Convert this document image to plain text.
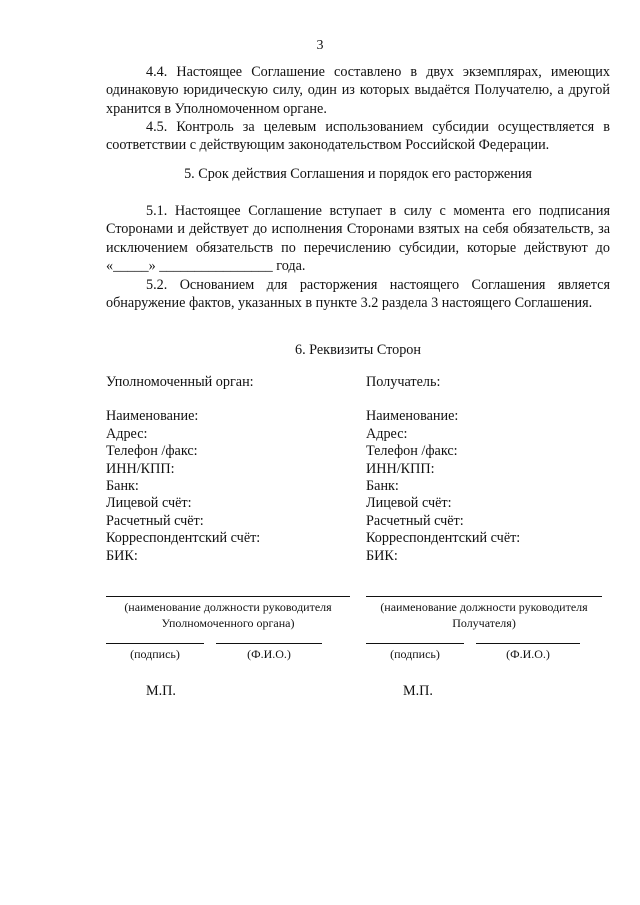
3

4.4. Настоящее Соглашение составлено в двух экземплярах, имеющих одинаковую юридическую силу, один из которых выдаётся Получателю, а другой хранится в Уполномоченном органе.

4.5. Контроль за целевым использованием субсидии осуществляется в соответствии с действующим законодательством Российской Федерации.

5. Срок действия Соглашения и порядок его расторжения

5.1. Настоящее Соглашение вступает в силу с момента его подписания Сторонами и действует до исполнения Сторонами взятых на себя обязательств, за исключением обязательств по перечислению субсидии, которые действуют до «_____» ________________ года.

5.2. Основанием для расторжения настоящего Соглашения является обнаружение фактов, указанных в пункте 3.2 раздела 3 настоящего Соглашения.

6. Реквизиты Сторон
Уполномоченный орган:
Наименование:
Адрес:
Телефон /факс:
ИНН/КПП:
Банк:
Лицевой счёт:
Расчетный счёт:
Корреспондентский счёт:
БИК:
Получатель:
Наименование:
Адрес:
Телефон /факс:
ИНН/КПП:
Банк:
Лицевой счёт:
Расчетный счёт:
Корреспондентский счёт:
БИК:
(наименование должности руководителя
Уполномоченного органа)
(подпись)	(Ф.И.О.)
М.П.
(наименование должности руководителя
Получателя)
(подпись)	(Ф.И.О.)
М.П.
